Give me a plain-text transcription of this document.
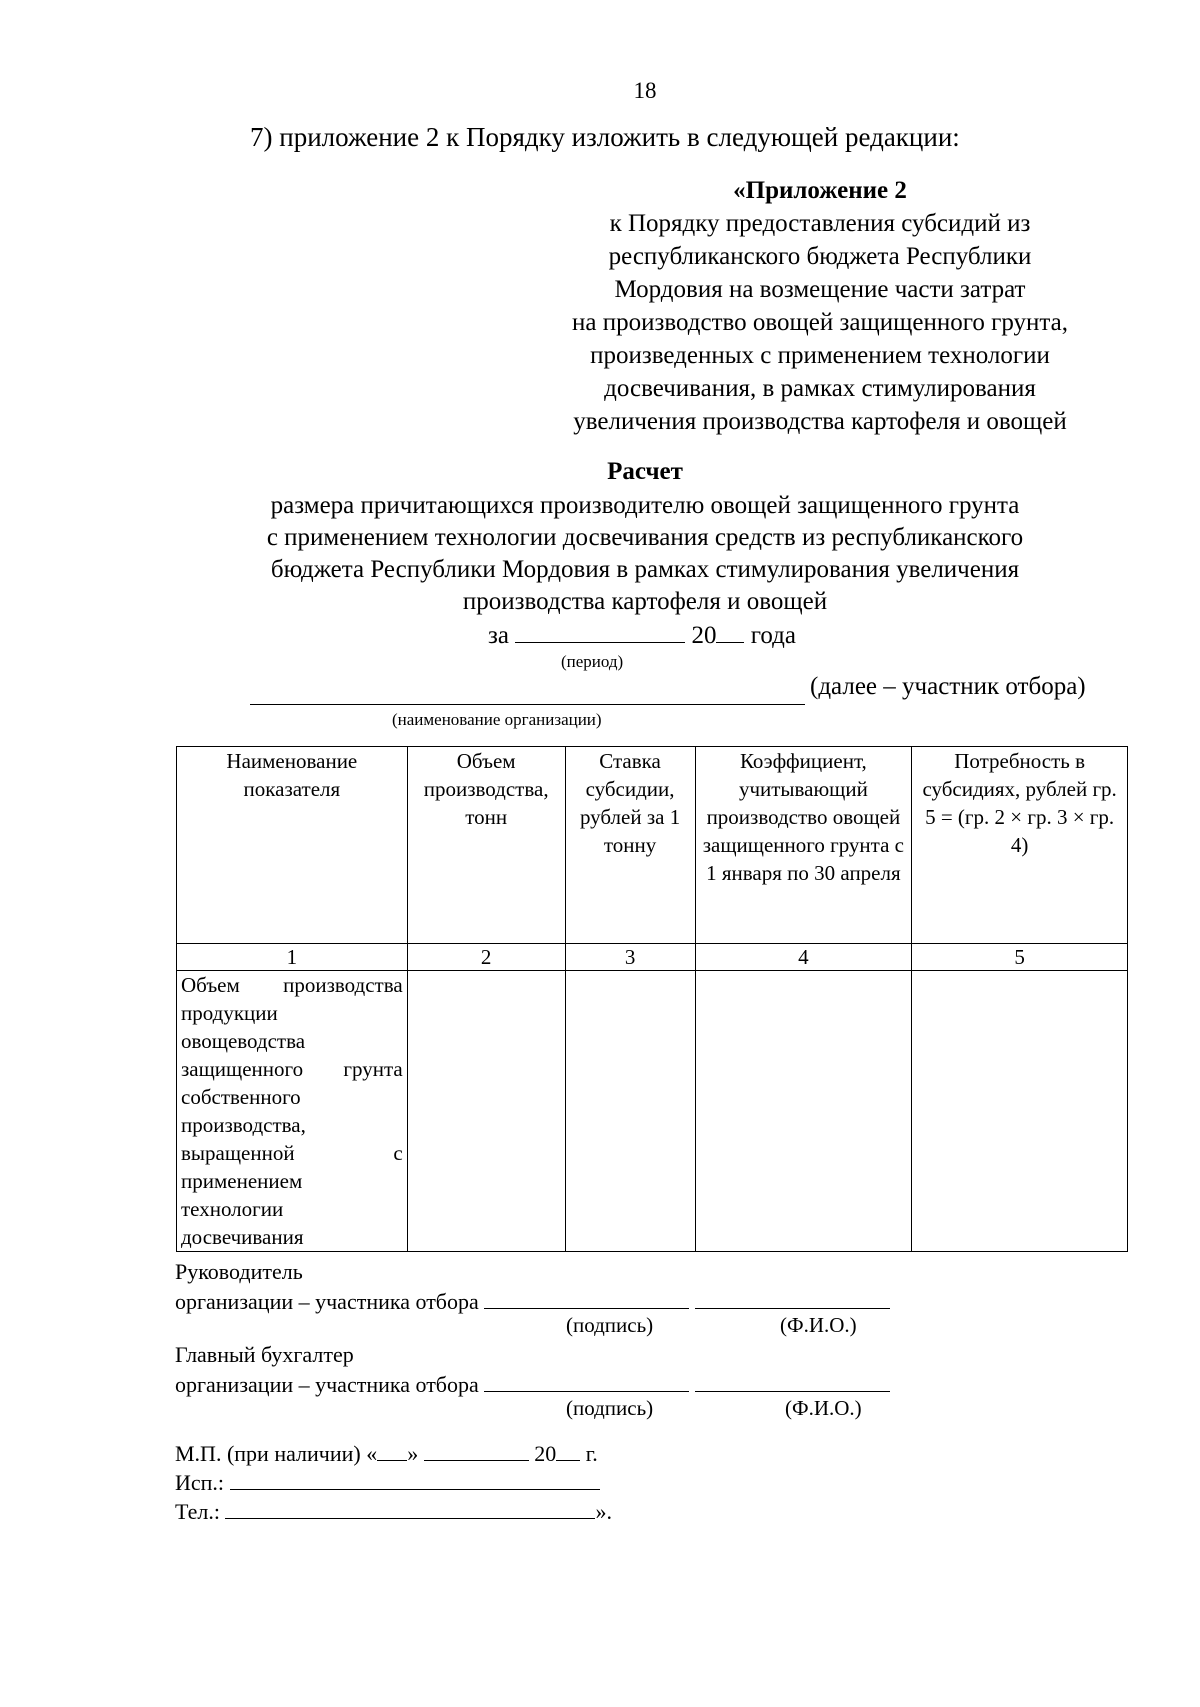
18
7) приложение 2 к Порядку изложить в следующей редакции:
«Приложение 2
к Порядку предоставления субсидий из
республиканского бюджета Республики
Мордовия на возмещение части затрат
на производство овощей защищенного грунта,
произведенных с применением технологии
досвечивания, в рамках стимулирования
увеличения производства картофеля и овощей
Расчет
размера причитающихся производителю овощей защищенного грунта
с применением технологии досвечивания средств из республиканского
бюджета Республики Мордовия в рамках стимулирования увеличения
производства картофеля и овощей
за	20 года
(период)
(далее – участник отбора)
(наименование организации)
Наименование показателя	Объем производства, тонн	Ставка субсидии, рублей за 1 тонну	Коэффициент, учитывающий производство овощей защищенного грунта с 1 января по 30 апреля	Потребность в субсидиях, рублей гр. 5 = (гр. 2 × гр. 3 × гр. 4)
1	2	3	4	5
Объем производства продукции овощеводства защищенного грунта собственного производства, выращенной с применением технологии досвечивания				
Руководитель
организации – участника отбора
(подпись)	(Ф.И.О.)
Главный бухгалтер
организации – участника отбора
(подпись)	(Ф.И.О.)
М.П. (при наличии) « »	20 г.
Исп.:
Тел.:	».
